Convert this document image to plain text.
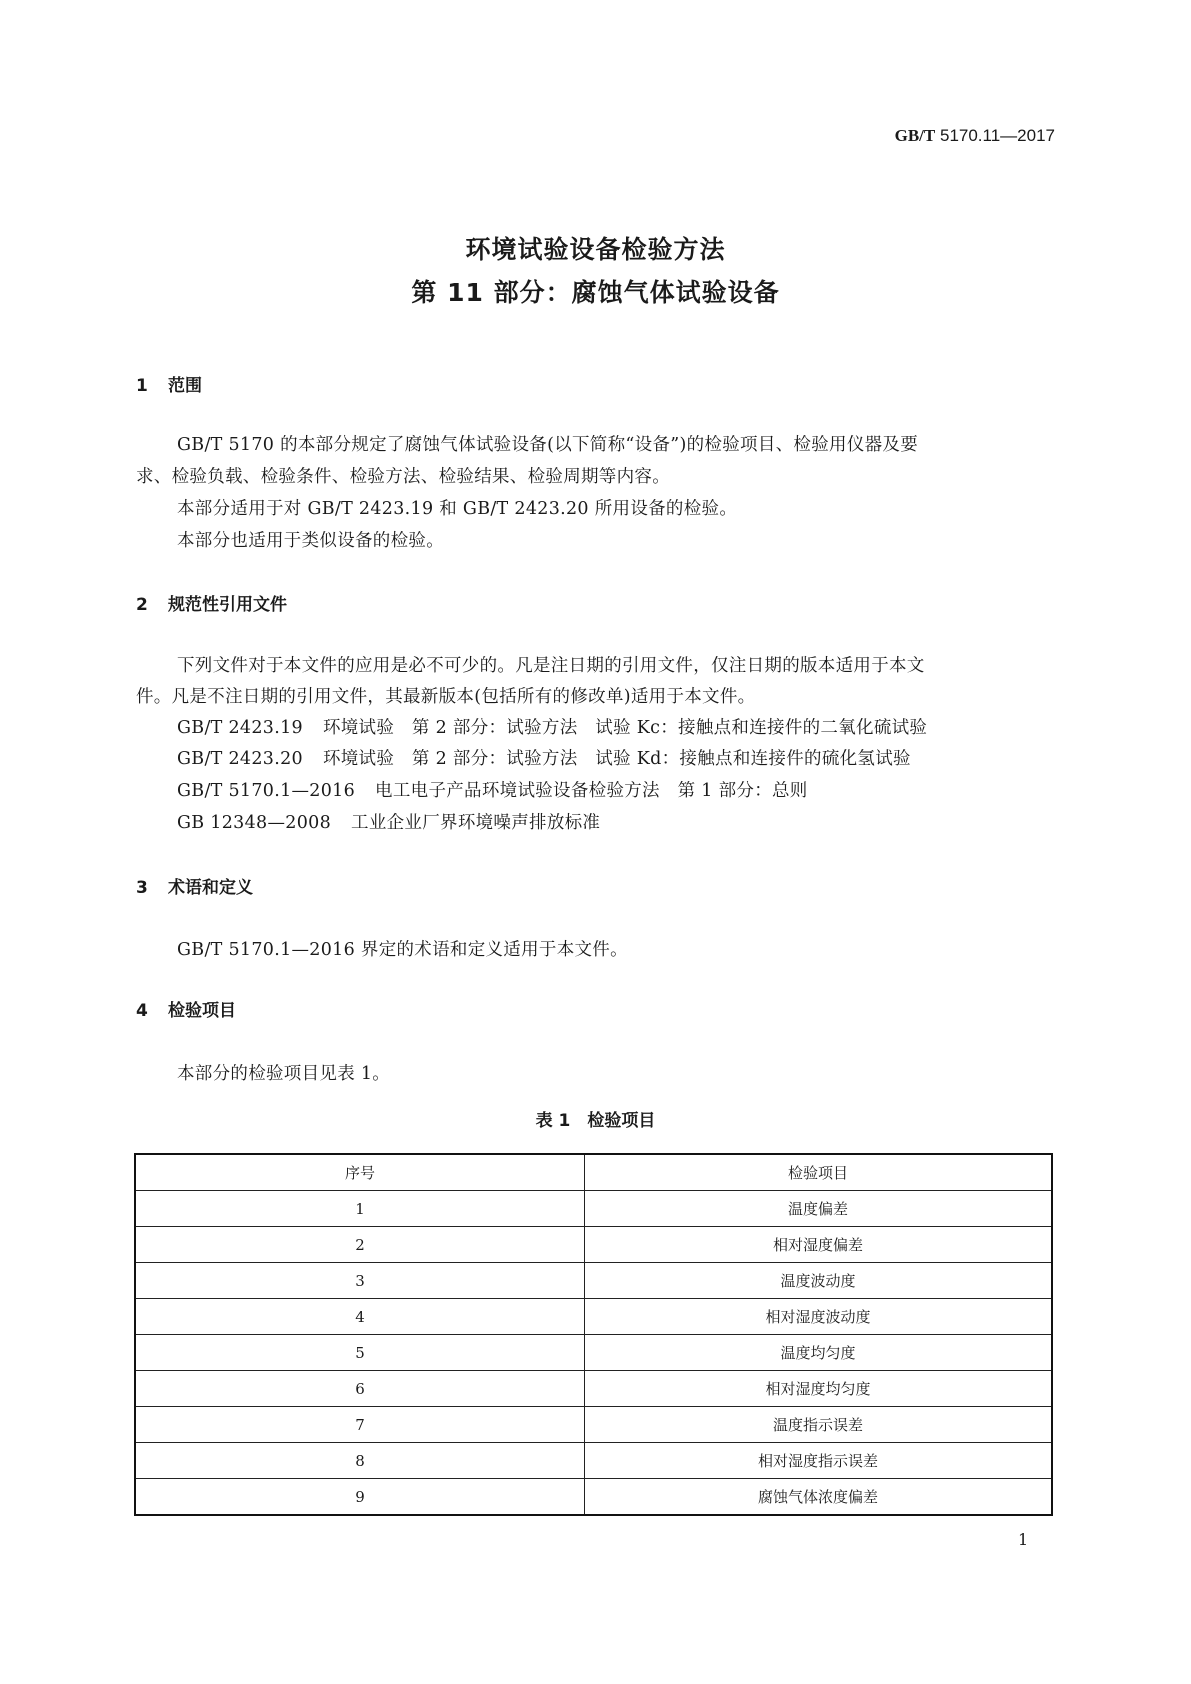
GB/T 5170.11—2017
环境试验设备检验方法
第 11 部分：腐蚀气体试验设备
1 范围
GB/T 5170 的本部分规定了腐蚀气体试验设备(以下简称“设备”)的检验项目、检验用仪器及要
求、检验负载、检验条件、检验方法、检验结果、检验周期等内容。
本部分适用于对 GB/T 2423.19 和 GB/T 2423.20 所用设备的检验。
本部分也适用于类似设备的检验。
2 规范性引用文件
下列文件对于本文件的应用是必不可少的。凡是注日期的引用文件，仅注日期的版本适用于本文
件。凡是不注日期的引用文件，其最新版本(包括所有的修改单)适用于本文件。
GB/T 2423.19 环境试验　第 2 部分：试验方法　试验 Kc：接触点和连接件的二氧化硫试验
GB/T 2423.20 环境试验　第 2 部分：试验方法　试验 Kd：接触点和连接件的硫化氢试验
GB/T 5170.1—2016 电工电子产品环境试验设备检验方法　第 1 部分：总则
GB 12348—2008 工业企业厂界环境噪声排放标准
3 术语和定义
GB/T 5170.1—2016 界定的术语和定义适用于本文件。
4 检验项目
本部分的检验项目见表 1。
表 1　检验项目
序号	检验项目
1	温度偏差
2	相对湿度偏差
3	温度波动度
4	相对湿度波动度
5	温度均匀度
6	相对湿度均匀度
7	温度指示误差
8	相对湿度指示误差
9	腐蚀气体浓度偏差
1
